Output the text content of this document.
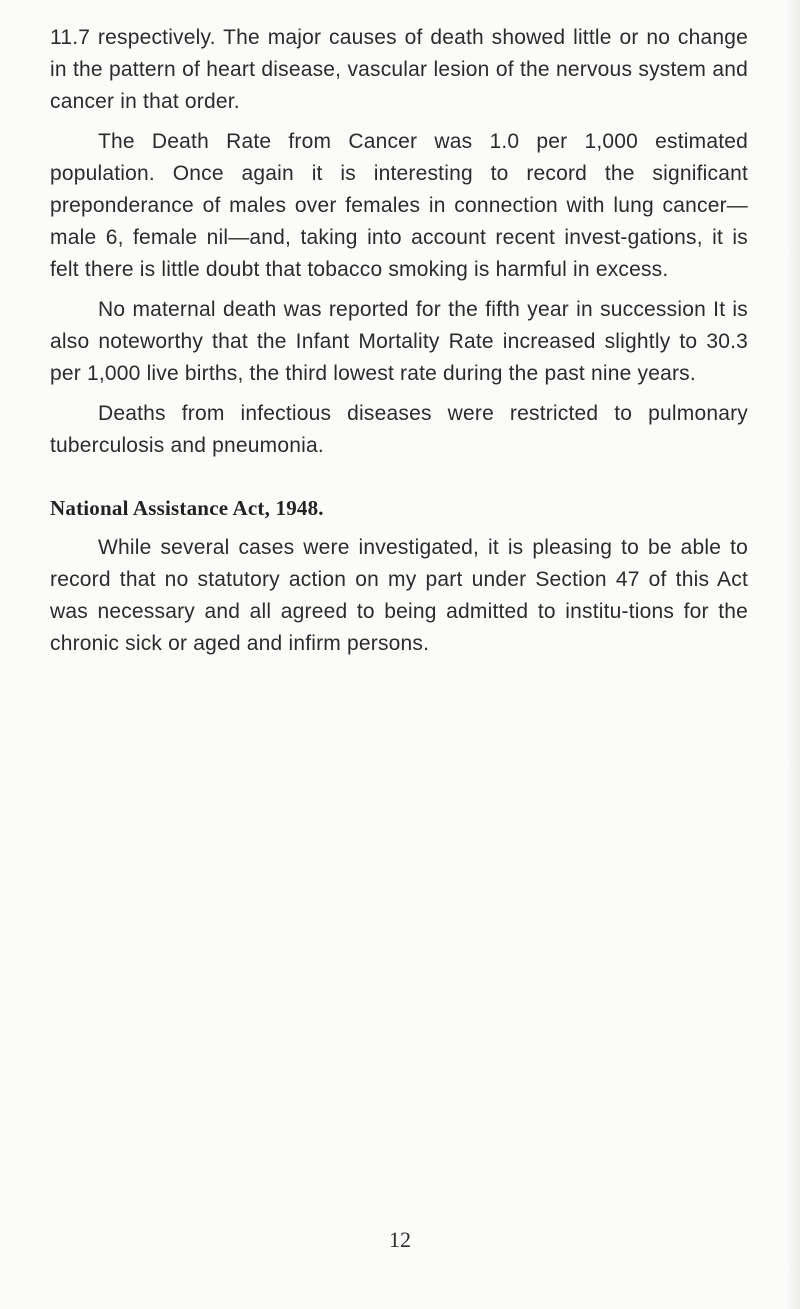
11.7 respectively. The major causes of death showed little or no change in the pattern of heart disease, vascular lesion of the nervous system and cancer in that order.

The Death Rate from Cancer was 1.0 per 1,000 estimated population. Once again it is interesting to record the significant preponderance of males over females in connection with lung cancer—male 6, female nil—and, taking into account recent invest-gations, it is felt there is little doubt that tobacco smoking is harmful in excess.

No maternal death was reported for the fifth year in succession It is also noteworthy that the Infant Mortality Rate increased slightly to 30.3 per 1,000 live births, the third lowest rate during the past nine years.

Deaths from infectious diseases were restricted to pulmonary tuberculosis and pneumonia.

National Assistance Act, 1948.

While several cases were investigated, it is pleasing to be able to record that no statutory action on my part under Section 47 of this Act was necessary and all agreed to being admitted to institu-tions for the chronic sick or aged and infirm persons.

12
